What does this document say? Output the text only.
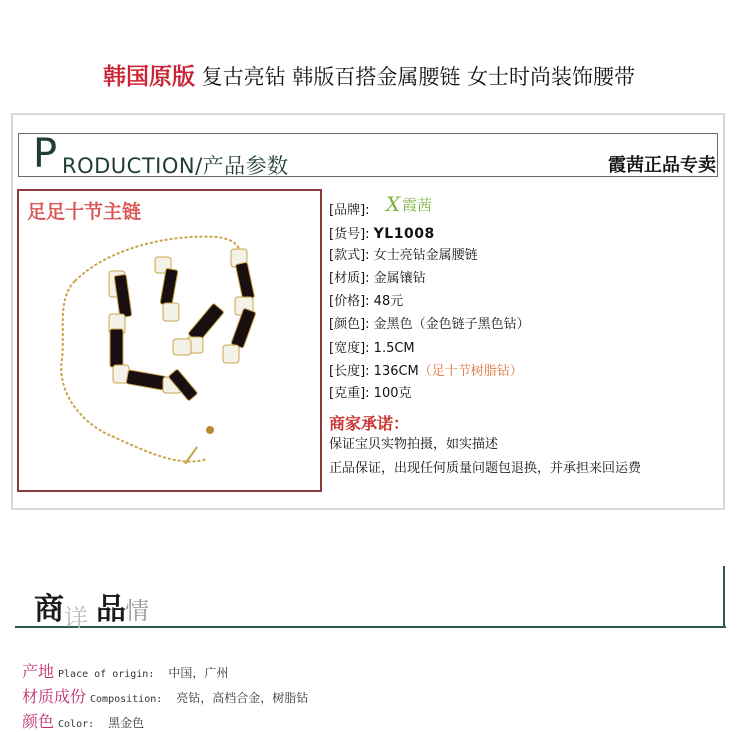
韩国原版 复古亮钻 韩版百搭金属腰链 女士时尚装饰腰带
P RODUCTION/产品参数	霞茜正品专卖
足足十节主链	X 霞茜
[品牌]:
[货号]: YL1008
[款式]: 女士亮钻金属腰链
[材质]: 金属镶钻
[价格]: 48元
[颜色]: 金黑色（金色链子黑色钻）
[宽度]: 1.5CM
[长度]: 136CM（足十节树脂钻）
[克重]: 100克
商家承诺：
保证宝贝实物拍摄，如实描述
正品保证，出现任何质量问题包退换，并承担来回运费
详
商 品情
产地 Place of origin: 中国，广州
材质成份 Composition: 亮钻，高档合金，树脂钻
颜色 Color: 黑金色
